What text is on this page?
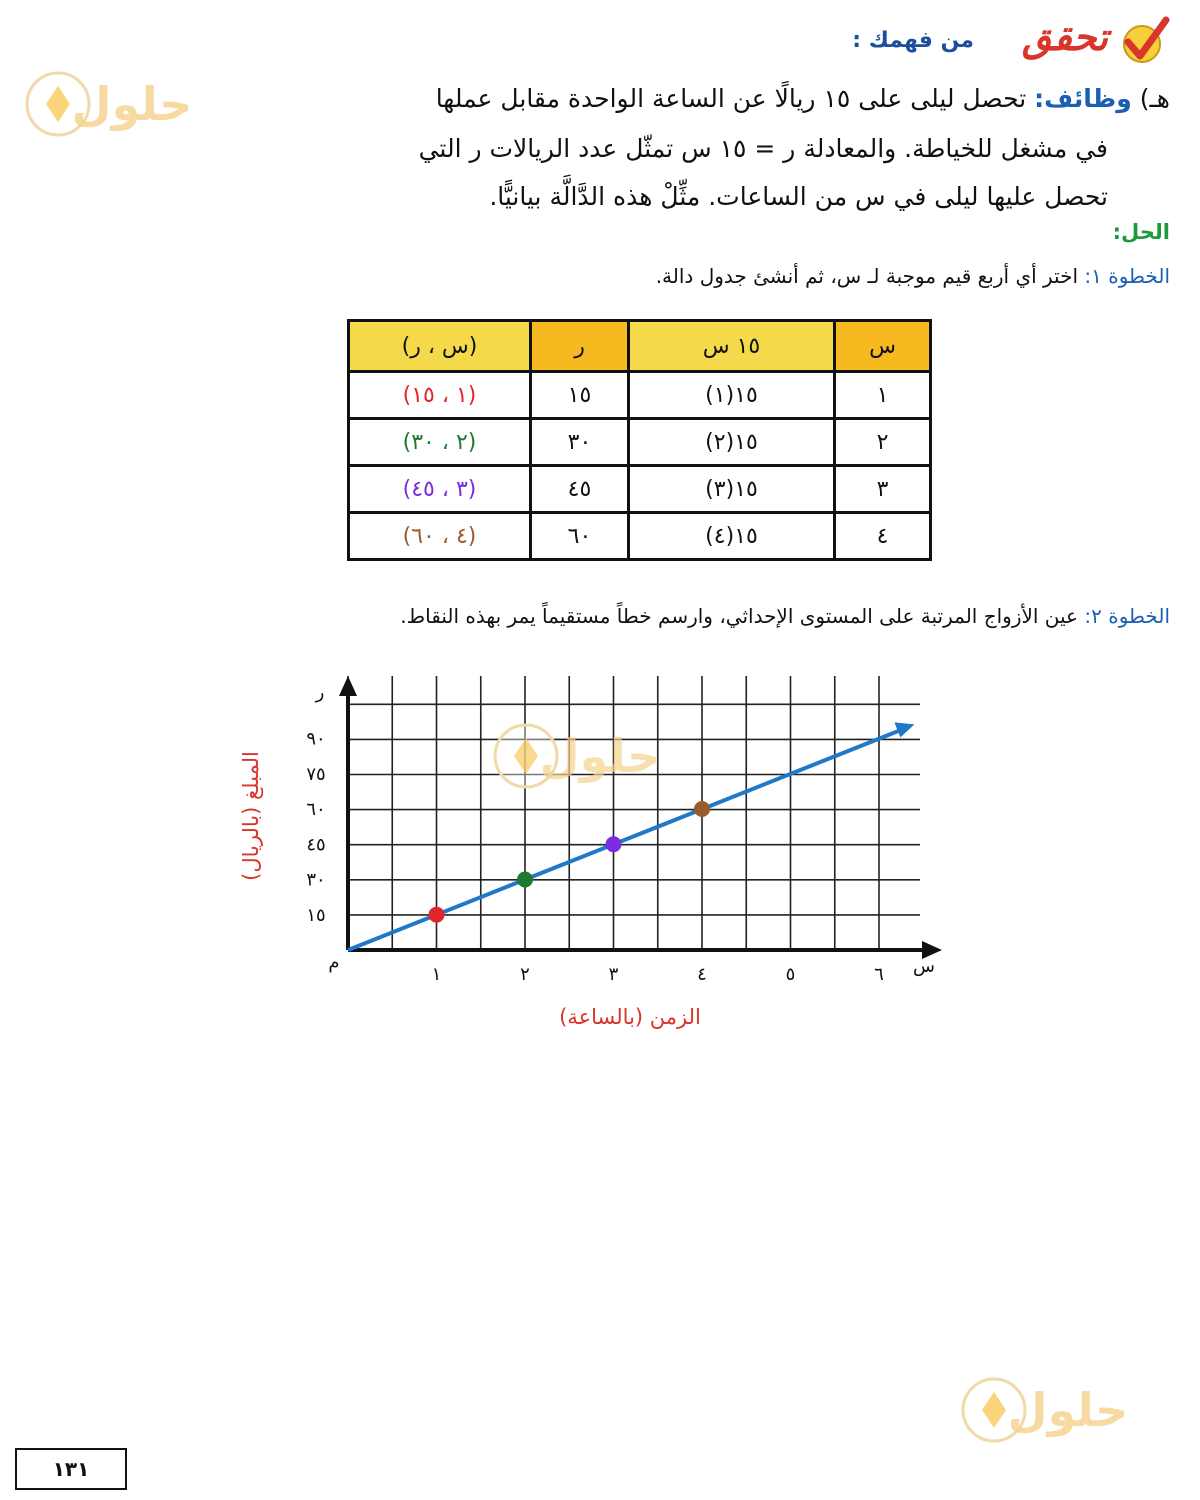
تحقق
من فهمك :
هـ) وظائف: تحصل ليلى على ١٥ ريالًا عن الساعة الواحدة مقابل عملها
في مشغل للخياطة. والمعادلة ر = ١٥ س تمثّل عدد الريالات ر التي
تحصل عليها ليلى في س من الساعات. مثِّلْ هذه الدَّالَّة بيانيًّا.
الحل:
الخطوة ١: اختر أي أربع قيم موجبة لـ س، ثم أنشئ جدول دالة.
س	١٥ س	ر	(س ، ر)
١	١٥(١)	١٥	(١ ، ١٥)
٢	١٥(٢)	٣٠	(٢ ، ٣٠)
٣	١٥(٣)	٤٥	(٣ ، ٤٥)
٤	١٥(٤)	٦٠	(٤ ، ٦٠)
الخطوة ٢: عين الأزواج المرتبة على المستوى الإحداثي، وارسم خطاً مستقيماً يمر بهذه النقاط.
١	٢	٣	٤	٥	٦
١٥
٣٠
٤٥
٦٠
٧٥
٩٠
م	س
ر
الزمن (بالساعة)
المبلغ (بالريال)
حلول
حلول
حلول
١٣١
